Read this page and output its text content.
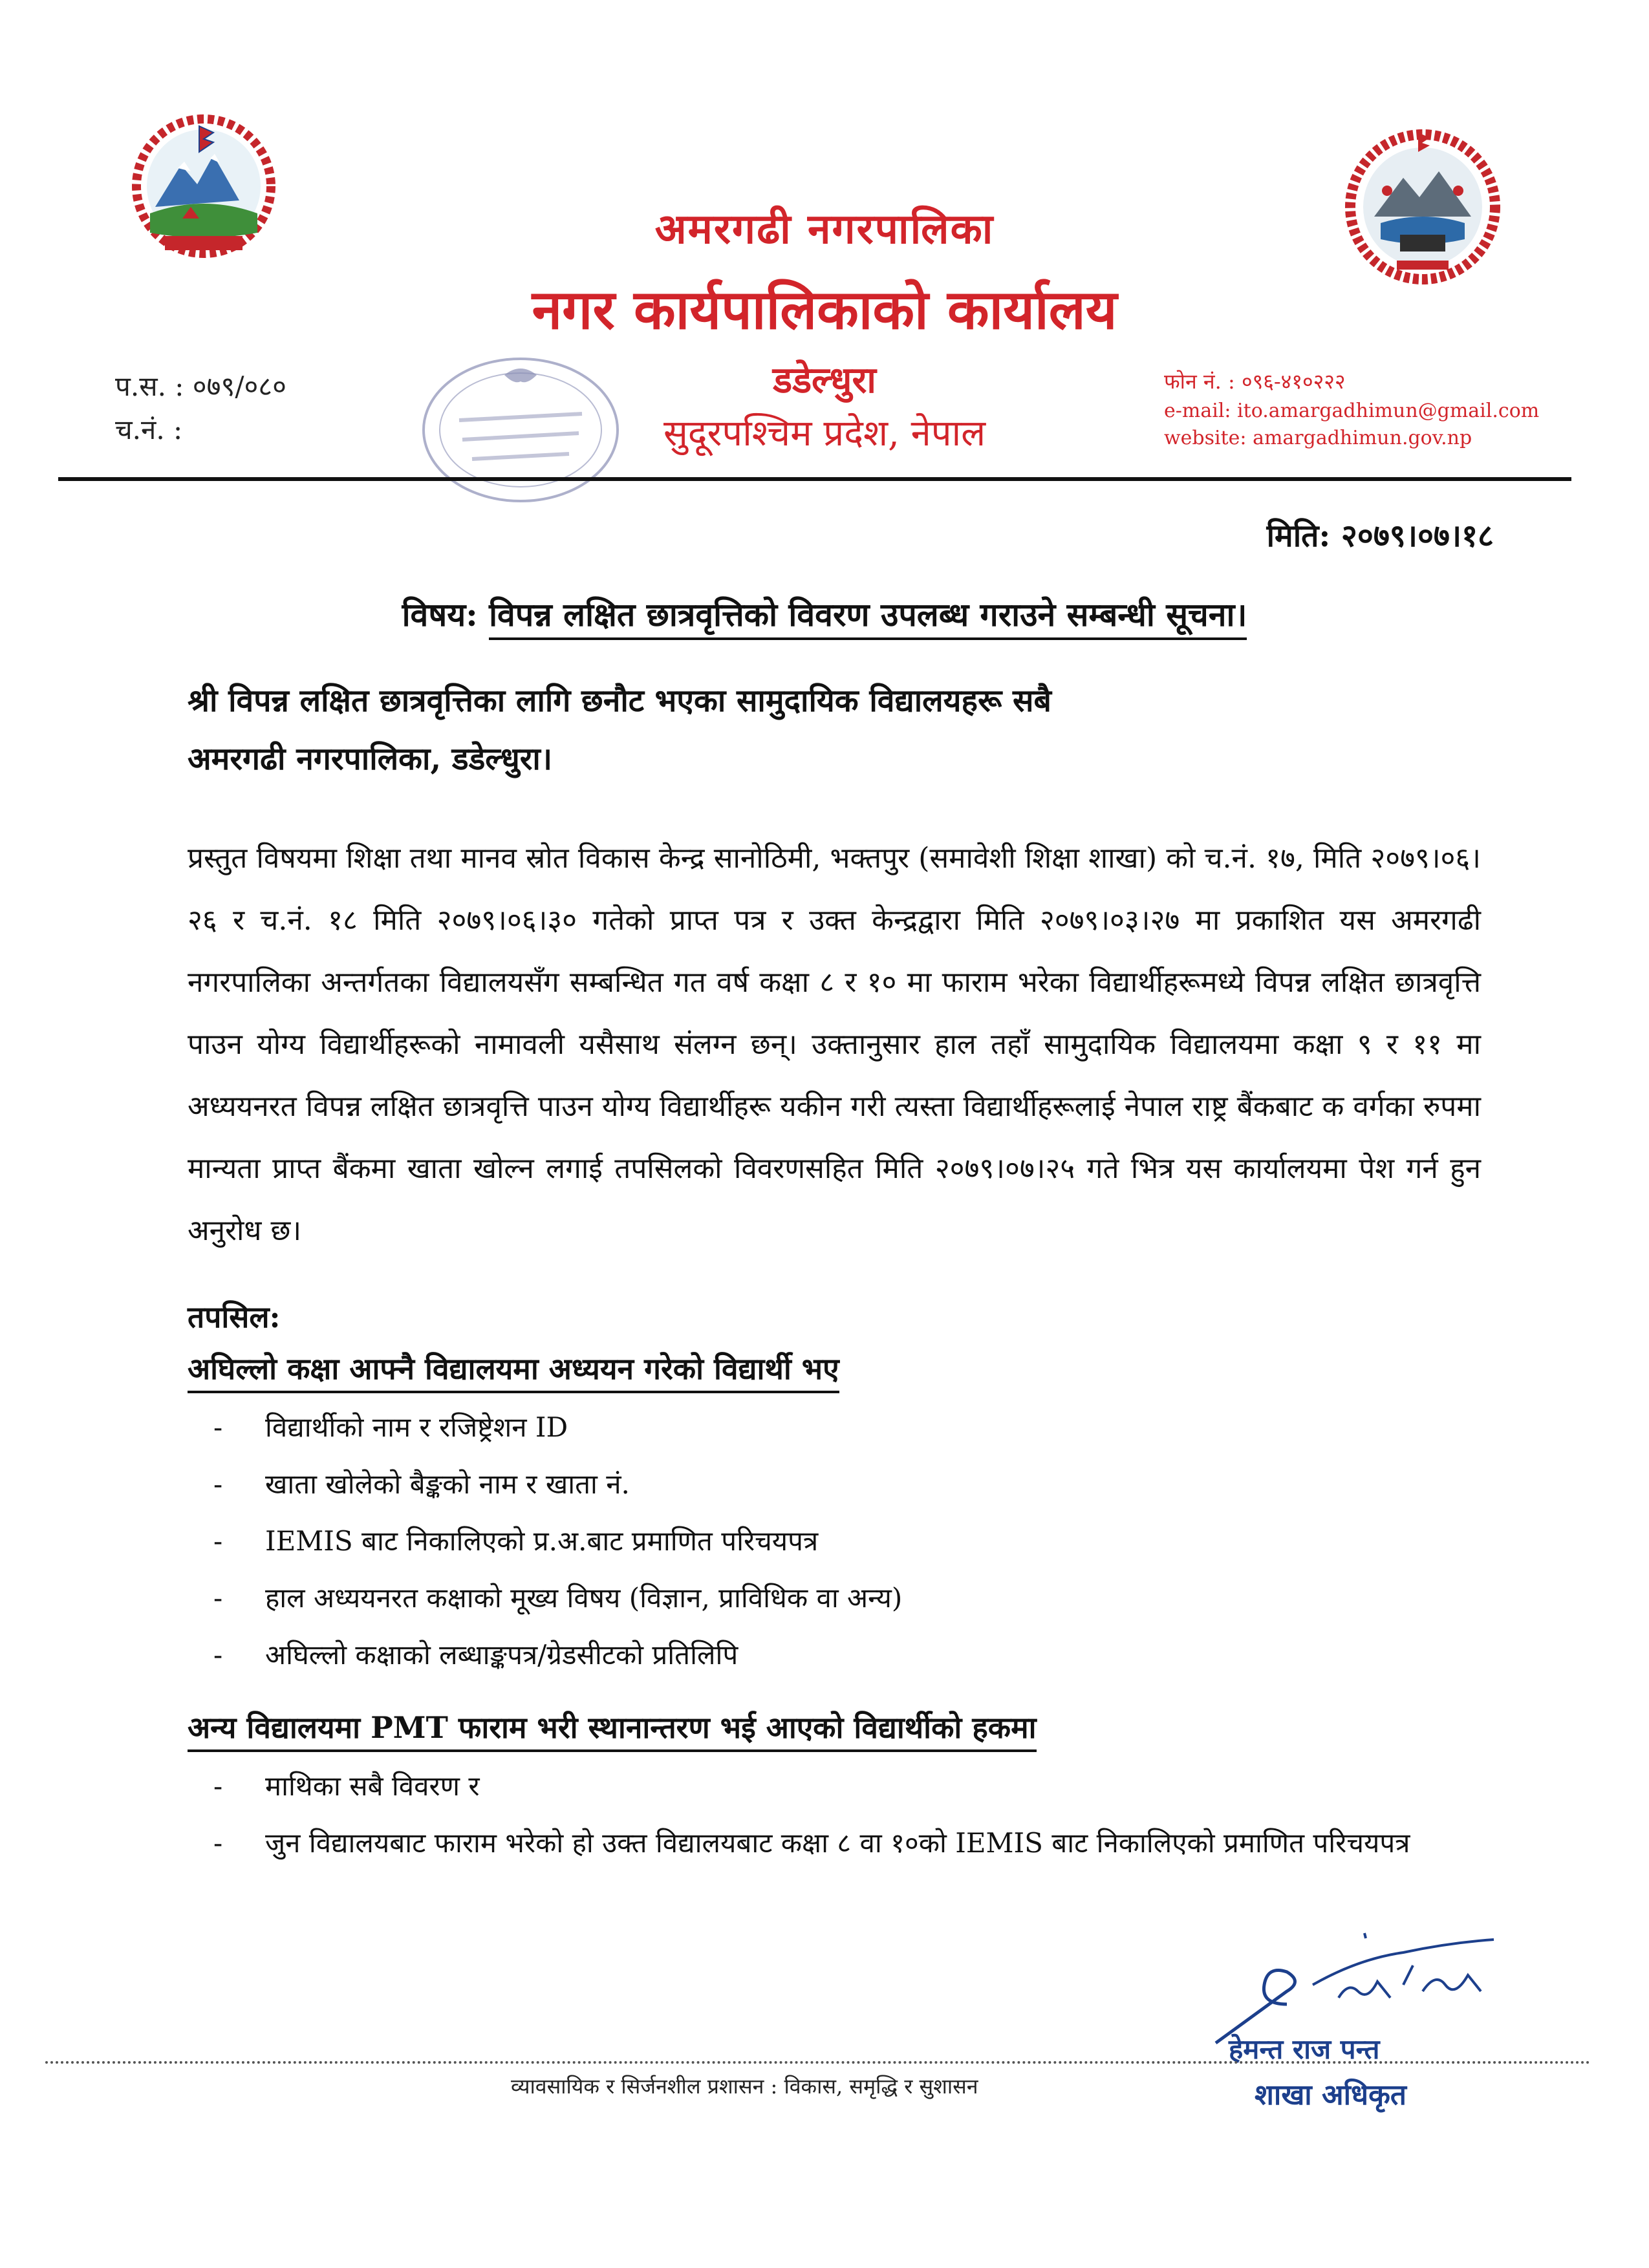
अमरगढी नगरपालिका
नगर कार्यपालिकाको कार्यालय
डडेल्धुरा
सुदूरपश्चिम प्रदेश, नेपाल
प.स. : ०७९/०८०
च.नं. :
फोन नं. : ०९६-४१०२२२
e-mail: ito.amargadhimun@gmail.com
website: amargadhimun.gov.np
मिति: २०७९।०७।१८
विषय: विपन्न लक्षित छात्रवृत्तिको विवरण उपलब्ध गराउने सम्बन्धी सूचना।
श्री विपन्न लक्षित छात्रवृत्तिका लागि छनौट भएका सामुदायिक विद्यालयहरू सबै
अमरगढी नगरपालिका, डडेल्धुरा।
प्रस्तुत विषयमा शिक्षा तथा मानव स्रोत विकास केन्द्र सानोठिमी, भक्तपुर (समावेशी शिक्षा शाखा) को च.नं. १७, मिति २०७९।०६।२६ र च.नं. १८ मिति २०७९।०६।३० गतेको प्राप्त पत्र र उक्त केन्द्रद्वारा मिति २०७९।०३।२७ मा प्रकाशित यस अमरगढी नगरपालिका अन्तर्गतका विद्यालयसँग सम्बन्धित गत वर्ष कक्षा ८ र १० मा फाराम भरेका विद्यार्थीहरूमध्ये विपन्न लक्षित छात्रवृत्ति पाउन योग्य विद्यार्थीहरूको नामावली यसैसाथ संलग्न छन्। उक्तानुसार हाल तहाँ सामुदायिक विद्यालयमा कक्षा ९ र ११ मा अध्ययनरत विपन्न लक्षित छात्रवृत्ति पाउन योग्य विद्यार्थीहरू यकीन गरी त्यस्ता विद्यार्थीहरूलाई नेपाल राष्ट्र बैंकबाट क वर्गका रुपमा मान्यता प्राप्त बैंकमा खाता खोल्न लगाई तपसिलको विवरणसहित मिति २०७९।०७।२५ गते भित्र यस कार्यालयमा पेश गर्न हुन अनुरोध छ।
तपसिल:
अघिल्लो कक्षा आफ्नै विद्यालयमा अध्ययन गरेको विद्यार्थी भए
- विद्यार्थीको नाम र रजिष्ट्रेशन ID
- खाता खोलेको बैङ्कको नाम र खाता नं.
- IEMIS बाट निकालिएको प्र.अ.बाट प्रमाणित परिचयपत्र
- हाल अध्ययनरत कक्षाको मूख्य विषय (विज्ञान, प्राविधिक वा अन्य)
- अघिल्लो कक्षाको लब्धाङ्कपत्र/ग्रेडसीटको प्रतिलिपि
अन्य विद्यालयमा PMT फाराम भरी स्थानान्तरण भई आएको विद्यार्थीको हकमा
- माथिका सबै विवरण र
- जुन विद्यालयबाट फाराम भरेको हो उक्त विद्यालयबाट कक्षा ८ वा १०को IEMIS बाट निकालिएको प्रमाणित परिचयपत्र
हेमन्त राज पन्त
शाखा अधिकृत
व्यावसायिक र सिर्जनशील प्रशासन : विकास, समृद्धि र सुशासन
